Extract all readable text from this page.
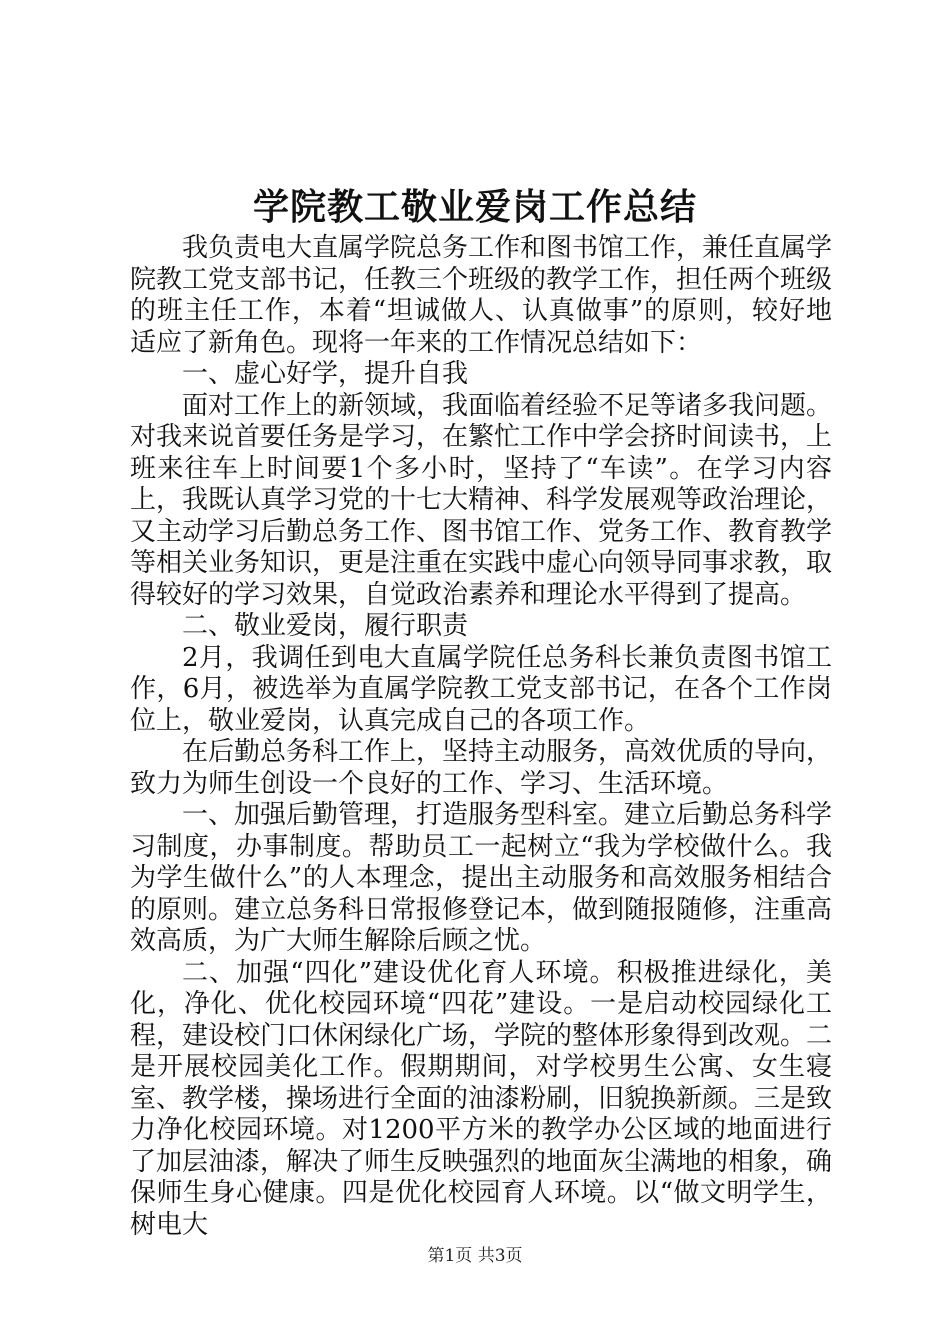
学院教工敬业爱岗工作总结

我负责电大直属学院总务工作和图书馆工作，兼任直属学院教工党支部书记，任教三个班级的教学工作，担任两个班级的班主任工作，本着“坦诚做人、认真做事”的原则，较好地适应了新角色。现将一年来的工作情况总结如下：

一、虚心好学，提升自我

面对工作上的新领域，我面临着经验不足等诸多我问题。对我来说首要任务是学习，在繁忙工作中学会挤时间读书，上班来往车上时间要1个多小时，坚持了“车读”。在学习内容上，我既认真学习党的十七大精神、科学发展观等政治理论，又主动学习后勤总务工作、图书馆工作、党务工作、教育教学等相关业务知识，更是注重在实践中虚心向领导同事求教，取得较好的学习效果，自觉政治素养和理论水平得到了提高。

二、敬业爱岗，履行职责

2月，我调任到电大直属学院任总务科长兼负责图书馆工作，6月，被选举为直属学院教工党支部书记，在各个工作岗位上，敬业爱岗，认真完成自己的各项工作。

在后勤总务科工作上，坚持主动服务，高效优质的导向，致力为师生创设一个良好的工作、学习、生活环境。

一、加强后勤管理，打造服务型科室。建立后勤总务科学习制度，办事制度。帮助员工一起树立“我为学校做什么。我为学生做什么”的人本理念，提出主动服务和高效服务相结合的原则。建立总务科日常报修登记本，做到随报随修，注重高效高质，为广大师生解除后顾之忧。

二、加强“四化”建设优化育人环境。积极推进绿化，美化，净化、优化校园环境“四花”建设。一是启动校园绿化工程，建设校门口休闲绿化广场，学院的整体形象得到改观。二是开展校园美化工作。假期期间，对学校男生公寓、女生寝室、教学楼，操场进行全面的油漆粉刷，旧貌换新颜。三是致力净化校园环境。对1200平方米的教学办公区域的地面进行了加层油漆，解决了师生反映强烈的地面灰尘满地的相象，确保师生身心健康。四是优化校园育人环境。以“做文明学生，树电大

第1页 共3页
